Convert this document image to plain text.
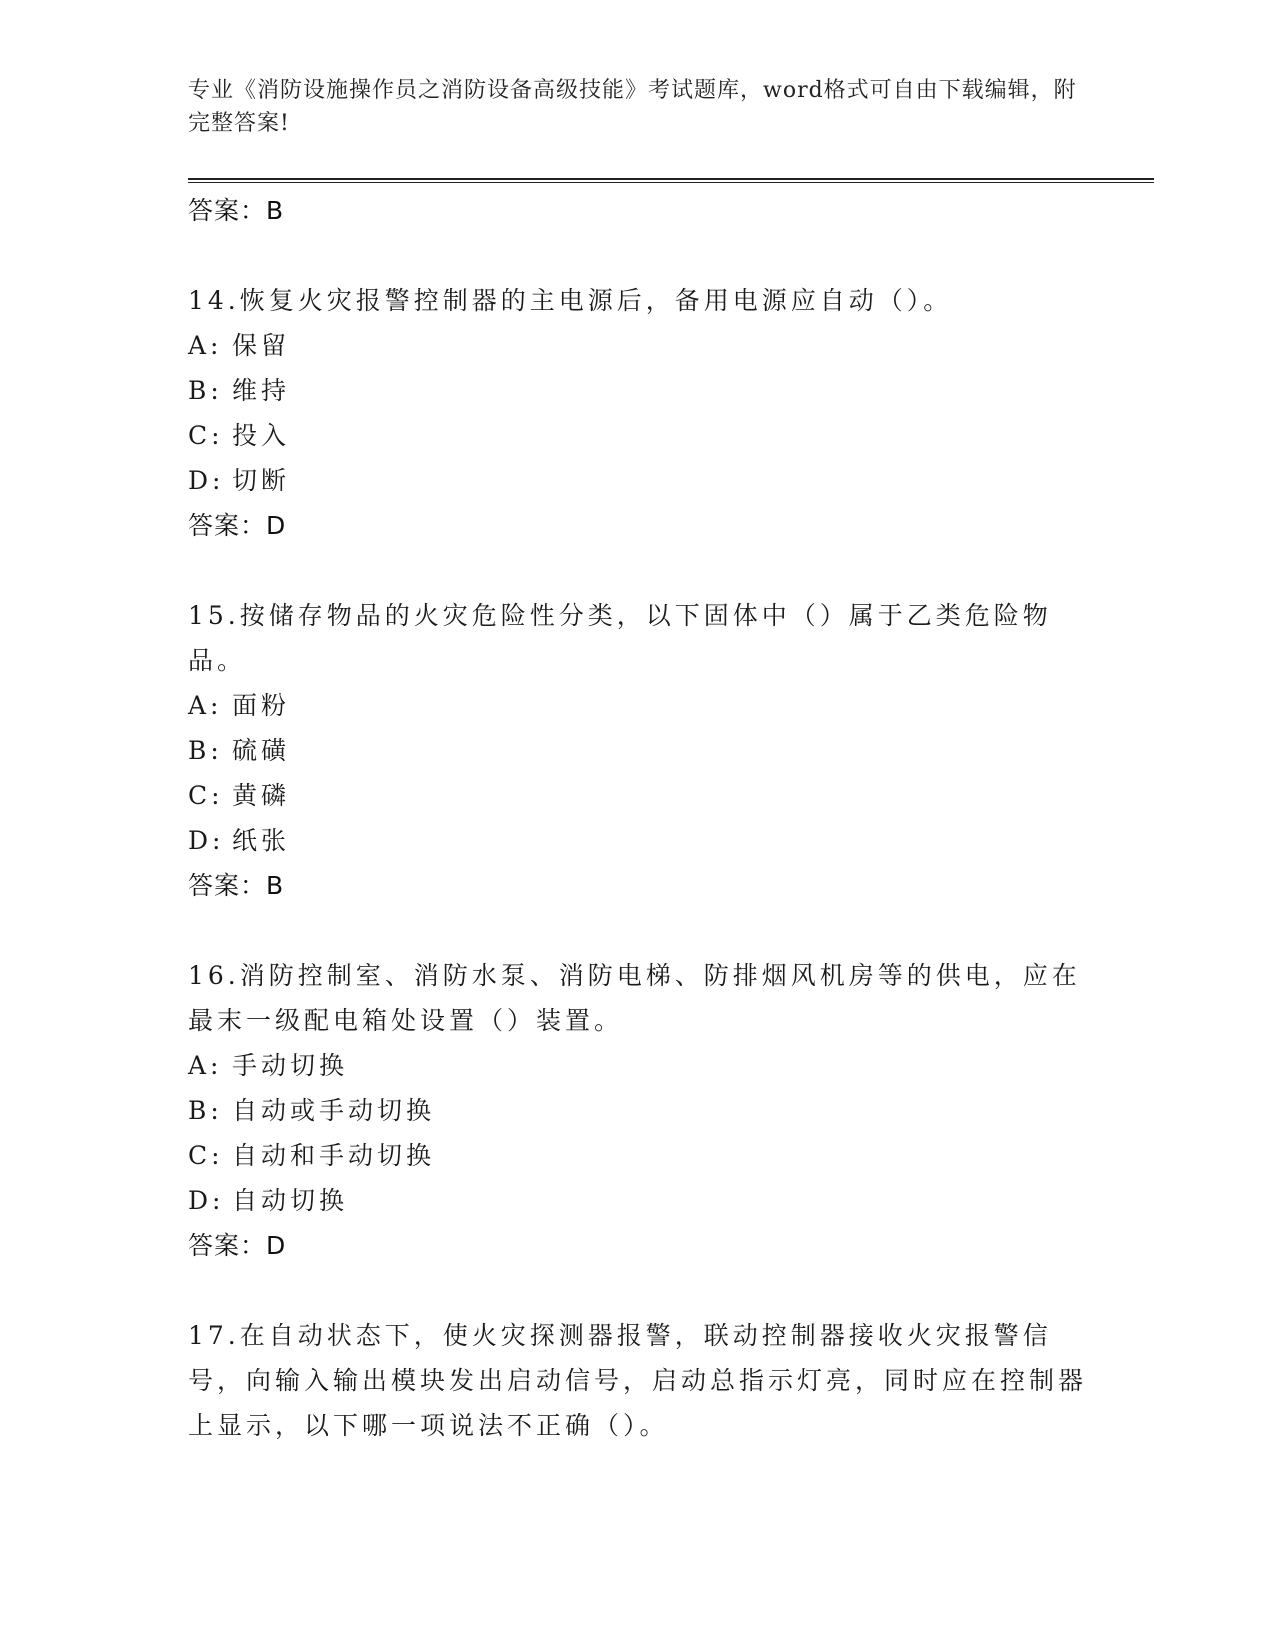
专业《消防设施操作员之消防设备高级技能》考试题库，word格式可自由下载编辑，附完整答案!
答案：B
14.恢复火灾报警控制器的主电源后，备用电源应自动（）。
A: 保留
B: 维持
C: 投入
D: 切断
答案：D
15.按储存物品的火灾危险性分类，以下固体中（）属于乙类危险物品。
A: 面粉
B: 硫磺
C: 黄磷
D: 纸张
答案：B
16.消防控制室、消防水泵、消防电梯、防排烟风机房等的供电，应在最末一级配电箱处设置（）装置。
A: 手动切换
B: 自动或手动切换
C: 自动和手动切换
D: 自动切换
答案：D
17.在自动状态下，使火灾探测器报警，联动控制器接收火灾报警信号，向输入输出模块发出启动信号，启动总指示灯亮，同时应在控制器上显示，以下哪一项说法不正确（）。
